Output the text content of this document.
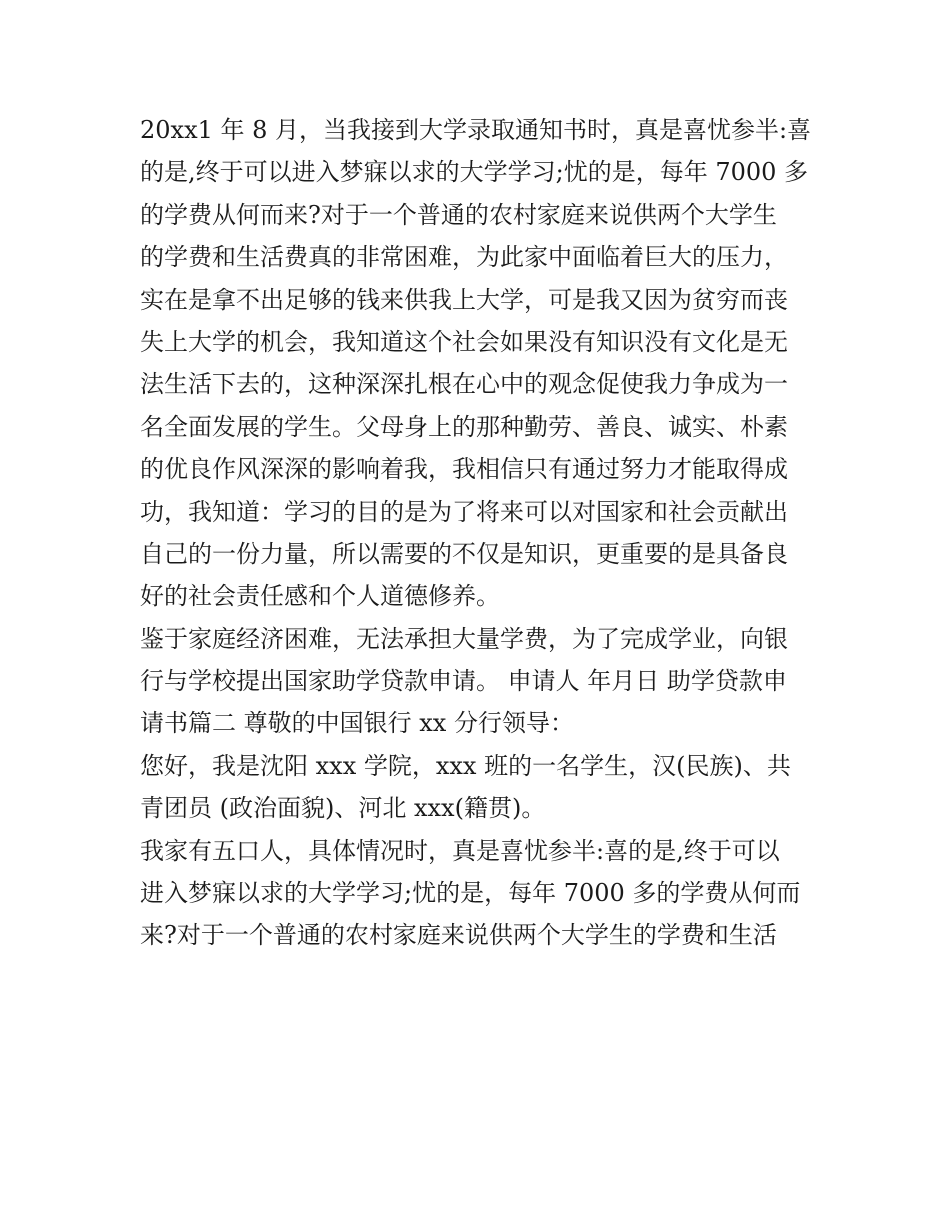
20xx1 年 8 月，当我接到大学录取通知书时，真是喜忧参半:喜
的是,终于可以进入梦寐以求的大学学习;忧的是，每年 7000 多
的学费从何而来?对于一个普通的农村家庭来说供两个大学生
的学费和生活费真的非常困难，为此家中面临着巨大的压力，
实在是拿不出足够的钱来供我上大学，可是我又因为贫穷而丧
失上大学的机会，我知道这个社会如果没有知识没有文化是无
法生活下去的，这种深深扎根在心中的观念促使我力争成为一
名全面发展的学生。父母身上的那种勤劳、善良、诚实、朴素
的优良作风深深的影响着我，我相信只有通过努力才能取得成
功，我知道：学习的目的是为了将来可以对国家和社会贡献出
自己的一份力量，所以需要的不仅是知识，更重要的是具备良
好的社会责任感和个人道德修养。
鉴于家庭经济困难，无法承担大量学费，为了完成学业，向银
行与学校提出国家助学贷款申请。 申请人 年月日 助学贷款申
请书篇二 尊敬的中国银行 xx 分行领导：
您好，我是沈阳 xxx 学院，xxx 班的一名学生，汉(民族)、共
青团员 (政治面貌)、河北 xxx(籍贯)。
我家有五口人，具体情况时，真是喜忧参半:喜的是,终于可以
进入梦寐以求的大学学习;忧的是，每年 7000 多的学费从何而
来?对于一个普通的农村家庭来说供两个大学生的学费和生活
